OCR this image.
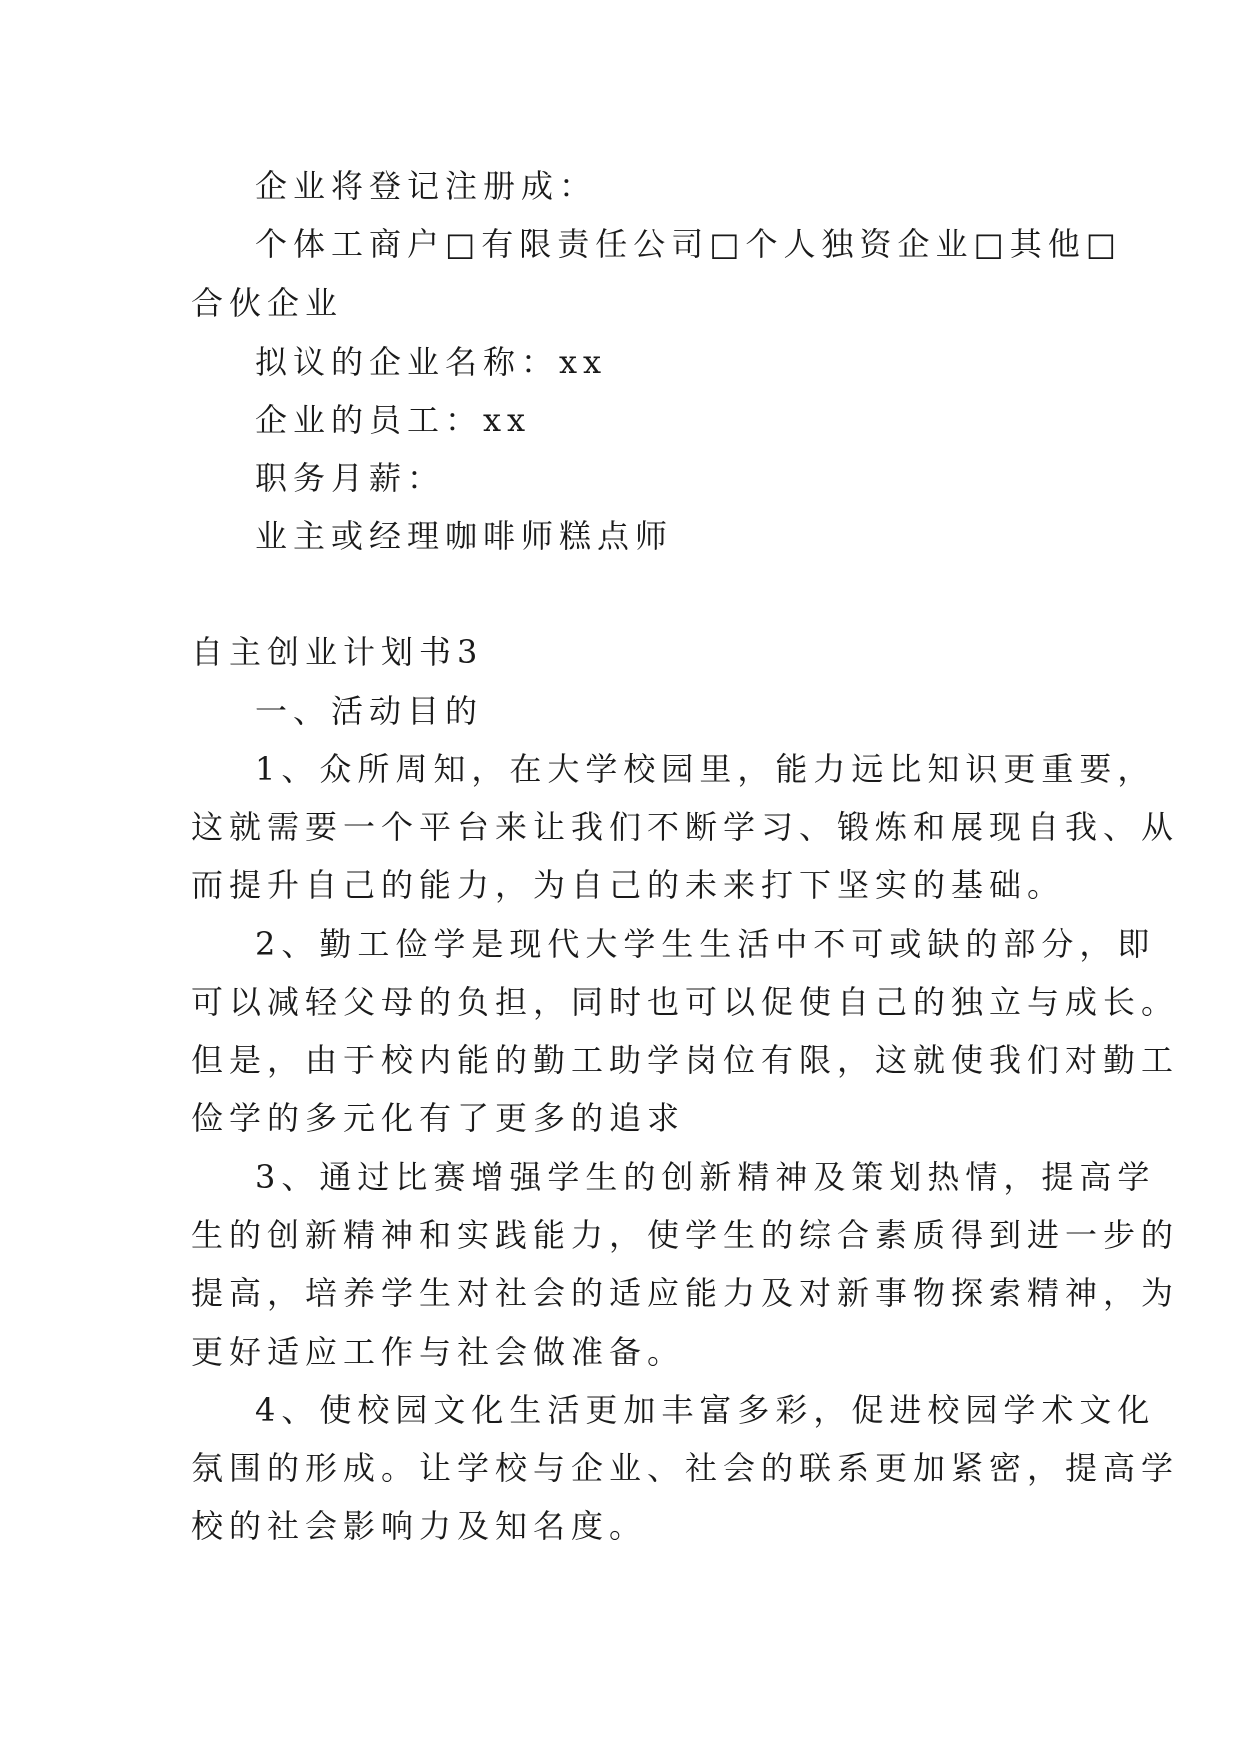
企业将登记注册成：
个体工商户□有限责任公司□个人独资企业□其他□
合伙企业
拟议的企业名称：xx
企业的员工：xx
职务月薪：
业主或经理咖啡师糕点师
自主创业计划书3
一、活动目的
1、众所周知，在大学校园里，能力远比知识更重要，
这就需要一个平台来让我们不断学习、锻炼和展现自我、从
而提升自己的能力，为自己的未来打下坚实的基础。
2、勤工俭学是现代大学生生活中不可或缺的部分，即
可以减轻父母的负担，同时也可以促使自己的独立与成长。
但是，由于校内能的勤工助学岗位有限，这就使我们对勤工
俭学的多元化有了更多的追求
3、通过比赛增强学生的创新精神及策划热情，提高学
生的创新精神和实践能力，使学生的综合素质得到进一步的
提高，培养学生对社会的适应能力及对新事物探索精神，为
更好适应工作与社会做准备。
4、使校园文化生活更加丰富多彩，促进校园学术文化
氛围的形成。让学校与企业、社会的联系更加紧密，提高学
校的社会影响力及知名度。
